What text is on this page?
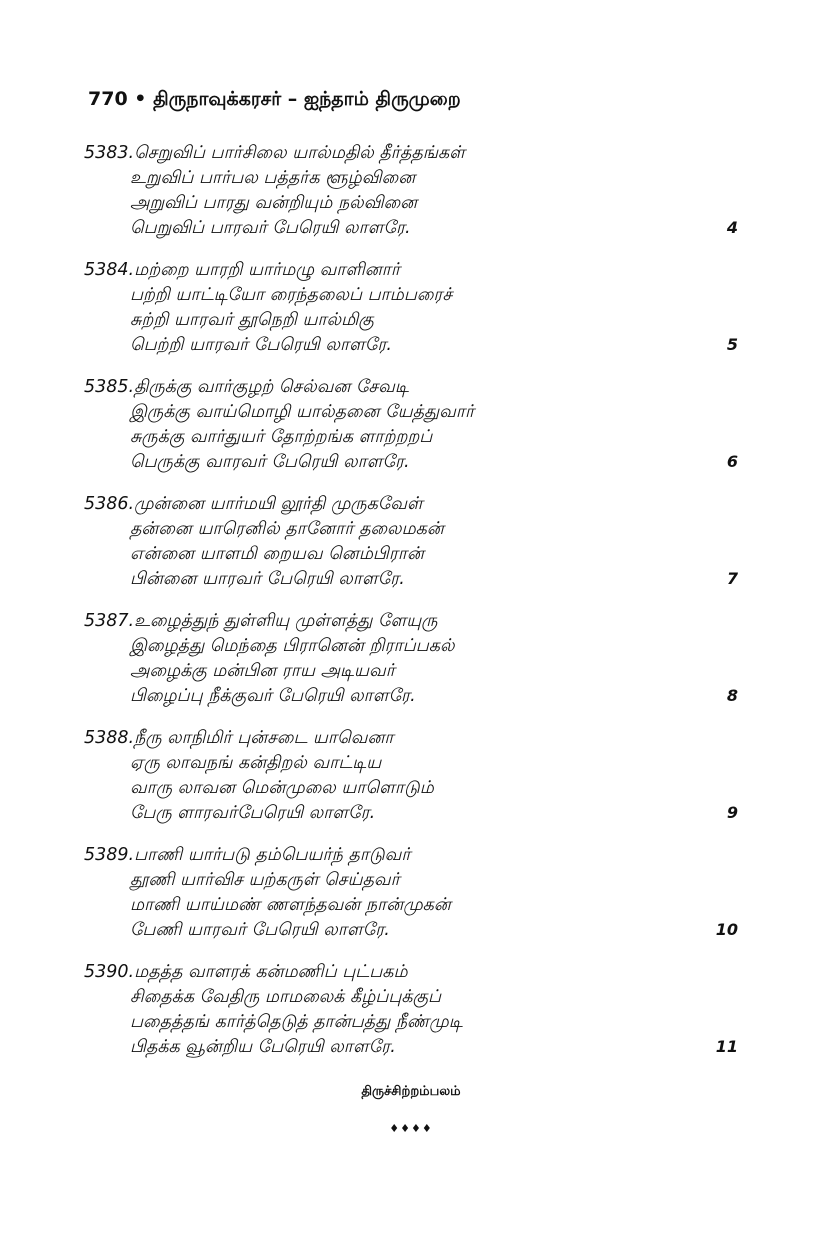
770 • திருநாவுக்கரசர் – ஐந்தாம் திருமுறை
5383.செறுவிப் பார்சிலை யால்மதில் தீர்த்தங்கள்
உறுவிப் பார்பல பத்தர்க ளூழ்வினை
அறுவிப் பாரது வன்றியும் நல்வினை
பெறுவிப் பாரவர் பேரெயி லாளரே.	4
5384.மற்றை யாரறி யார்மழு வாளினார்
பற்றி யாட்டியோ ரைந்தலைப் பாம்பரைச்
சுற்றி யாரவர் தூநெறி யால்மிகு
பெற்றி யாரவர் பேரெயி லாளரே.	5
5385.திருக்கு வார்குழற் செல்வன சேவடி
இருக்கு வாய்மொழி யால்தனை யேத்துவார்
சுருக்கு வார்துயர் தோற்றங்க ளாற்றறப்
பெருக்கு வாரவர் பேரெயி லாளரே.	6
5386.முன்னை யார்மயி லூர்தி முருகவேள்
தன்னை யாரெனில் தானோர் தலைமகன்
என்னை யாளமி றையவ னெம்பிரான்
பின்னை யாரவர் பேரெயி லாளரே.	7
5387.உழைத்துந் துள்ளியு முள்ளத்து ளேயுரு
இழைத்து மெந்தை பிரானென் றிராப்பகல்
அழைக்கு மன்பின ராய அடியவர்
பிழைப்பு நீக்குவர் பேரெயி லாளரே.	8
5388.நீரு லாநிமிர் புன்சடை யாவெனா
ஏரு லாவநங் கன்திறல் வாட்டிய
வாரு லாவன மென்முலை யாளொடும்
பேரு ளாரவர்பேரெயி லாளரே.	9
5389.பாணி யார்படு தம்பெயர்ந் தாடுவர்
தூணி யார்விச யற்கருள் செய்தவர்
மாணி யாய்மண் ணளந்தவன் நான்முகன்
பேணி யாரவர் பேரெயி லாளரே.	10
5390.மதத்த வாளரக் கன்மணிப் புட்பகம்
சிதைக்க வேதிரு மாமலைக் கீழ்ப்புக்குப்
பதைத்தங் கார்த்தெடுத் தான்பத்து நீண்முடி
பிதக்க வூன்றிய பேரெயி லாளரே.	11
திருச்சிற்றம்பலம்
♦♦♦♦
